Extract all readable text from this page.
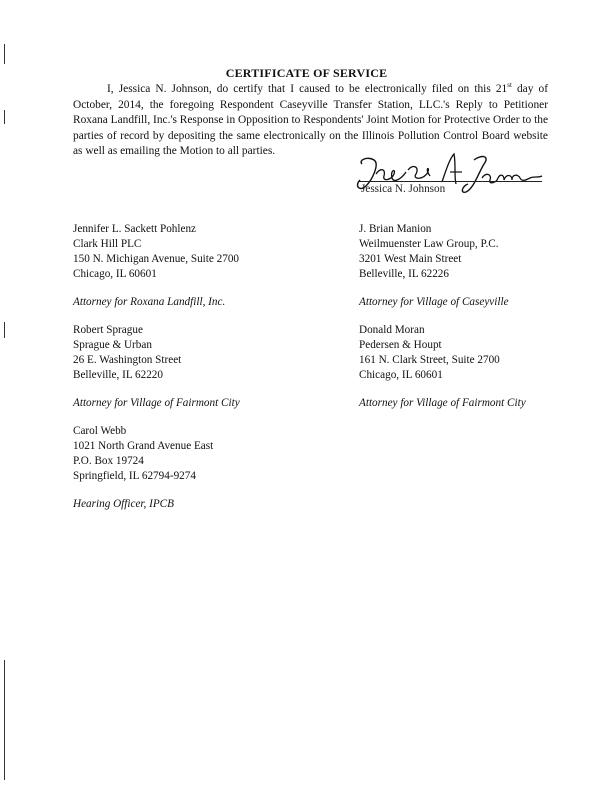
CERTIFICATE OF SERVICE
I, Jessica N. Johnson, do certify that I caused to be electronically filed on this 21st day of October, 2014, the foregoing Respondent Caseyville Transfer Station, LLC.'s Reply to Petitioner Roxana Landfill, Inc.'s Response in Opposition to Respondents' Joint Motion for Protective Order to the parties of record by depositing the same electronically on the Illinois Pollution Control Board website as well as emailing the Motion to all parties.
Jessica N. Johnson
Jennifer L. Sackett Pohlenz
Clark Hill PLC
150 N. Michigan Avenue, Suite 2700
Chicago, IL 60601
Attorney for Roxana Landfill, Inc.
J. Brian Manion
Weilmuenster Law Group, P.C.
3201 West Main Street
Belleville, IL 62226
Attorney for Village of Caseyville
Robert Sprague
Sprague & Urban
26 E. Washington Street
Belleville, IL 62220
Attorney for Village of Fairmont City
Donald Moran
Pedersen & Houpt
161 N. Clark Street, Suite 2700
Chicago, IL 60601
Attorney for Village of Fairmont City
Carol Webb
1021 North Grand Avenue East
P.O. Box 19724
Springfield, IL 62794-9274
Hearing Officer, IPCB
